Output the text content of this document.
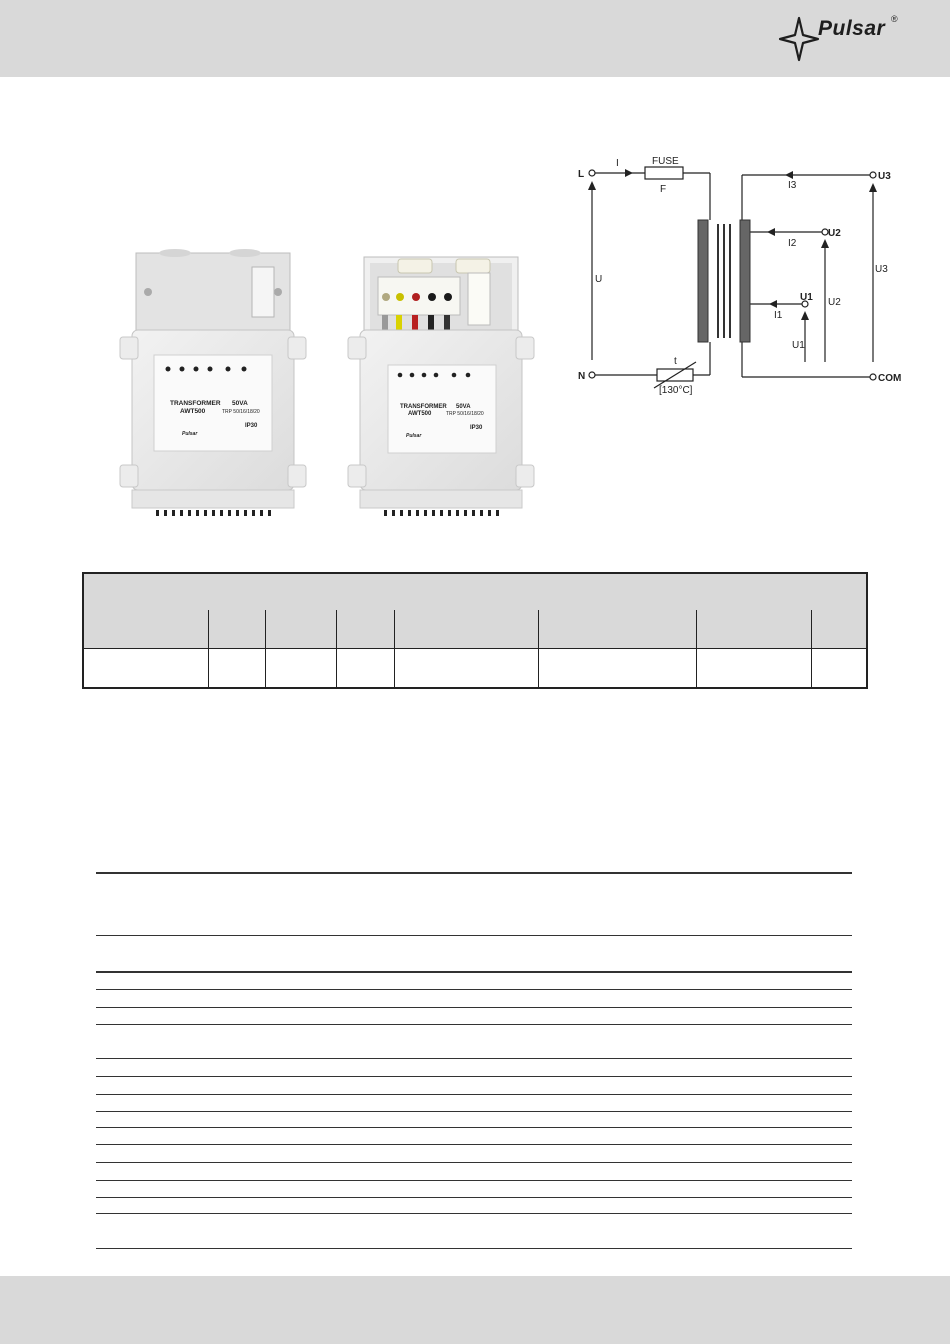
Pulsar ®
TRANSFORMER
AWT500
50VA
TRP 50/16/18/20
IP30
Pulsar
TRANSFORMER
AWT500
50VA
TRP 50/16/18/20
IP30
Pulsar
L
N
I	FUSE
F
U
t
[130°C]
U3
I3
U2
I2
U1
I1
COM
U3
U2
U1
